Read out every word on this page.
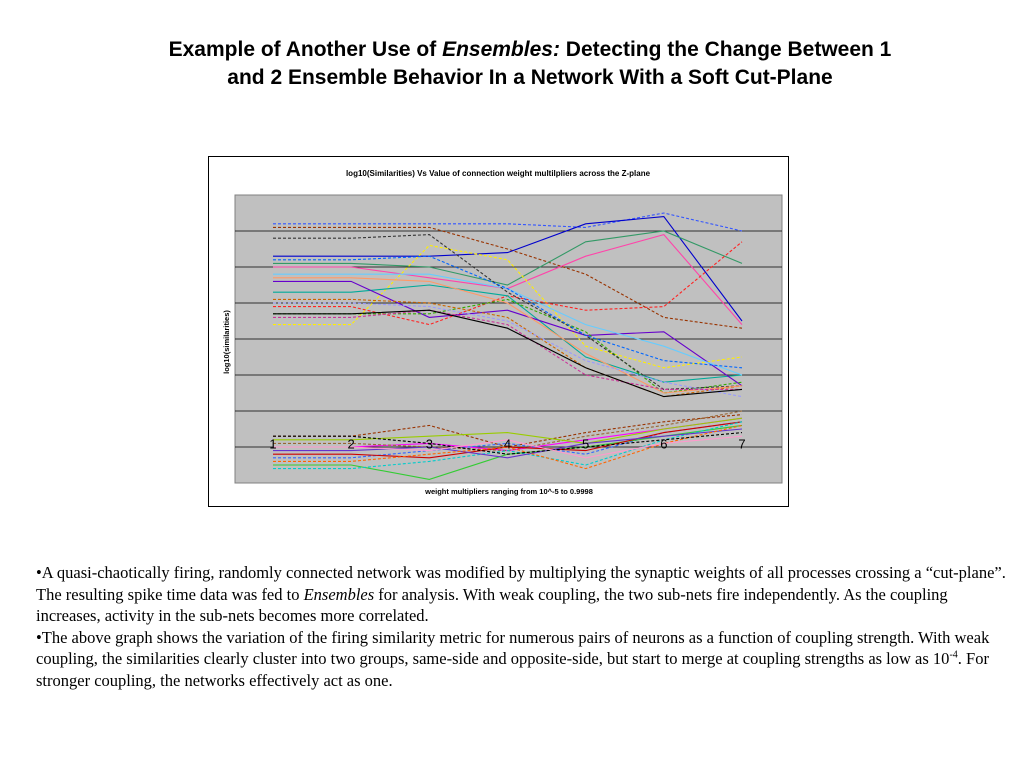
Example of Another Use of Ensembles: Detecting the Change Between 1
and 2 Ensemble Behavior In a Network With a Soft Cut-Plane
log10(Similarities) Vs Value of connection weight multilpliers across the Z-plane
1	2	3	4	5	6	7
log10(similarities)
weight multipliers ranging from 10^-5 to 0.9998

•A quasi-chaotically firing, randomly connected network was modified by multiplying the synaptic weights of all processes crossing a “cut-plane”. The resulting spike time data was fed to Ensembles for analysis. With weak coupling, the two sub-nets fire independently. As the coupling increases, activity in the sub-nets becomes more correlated.

•The above graph shows the variation of the firing similarity metric for numerous pairs of neurons as a function of coupling strength. With weak coupling, the similarities clearly cluster into two groups, same-side and opposite-side, but start to merge at coupling strengths as low as $10^{-4}$. For stronger coupling, the networks effectively act as one.
